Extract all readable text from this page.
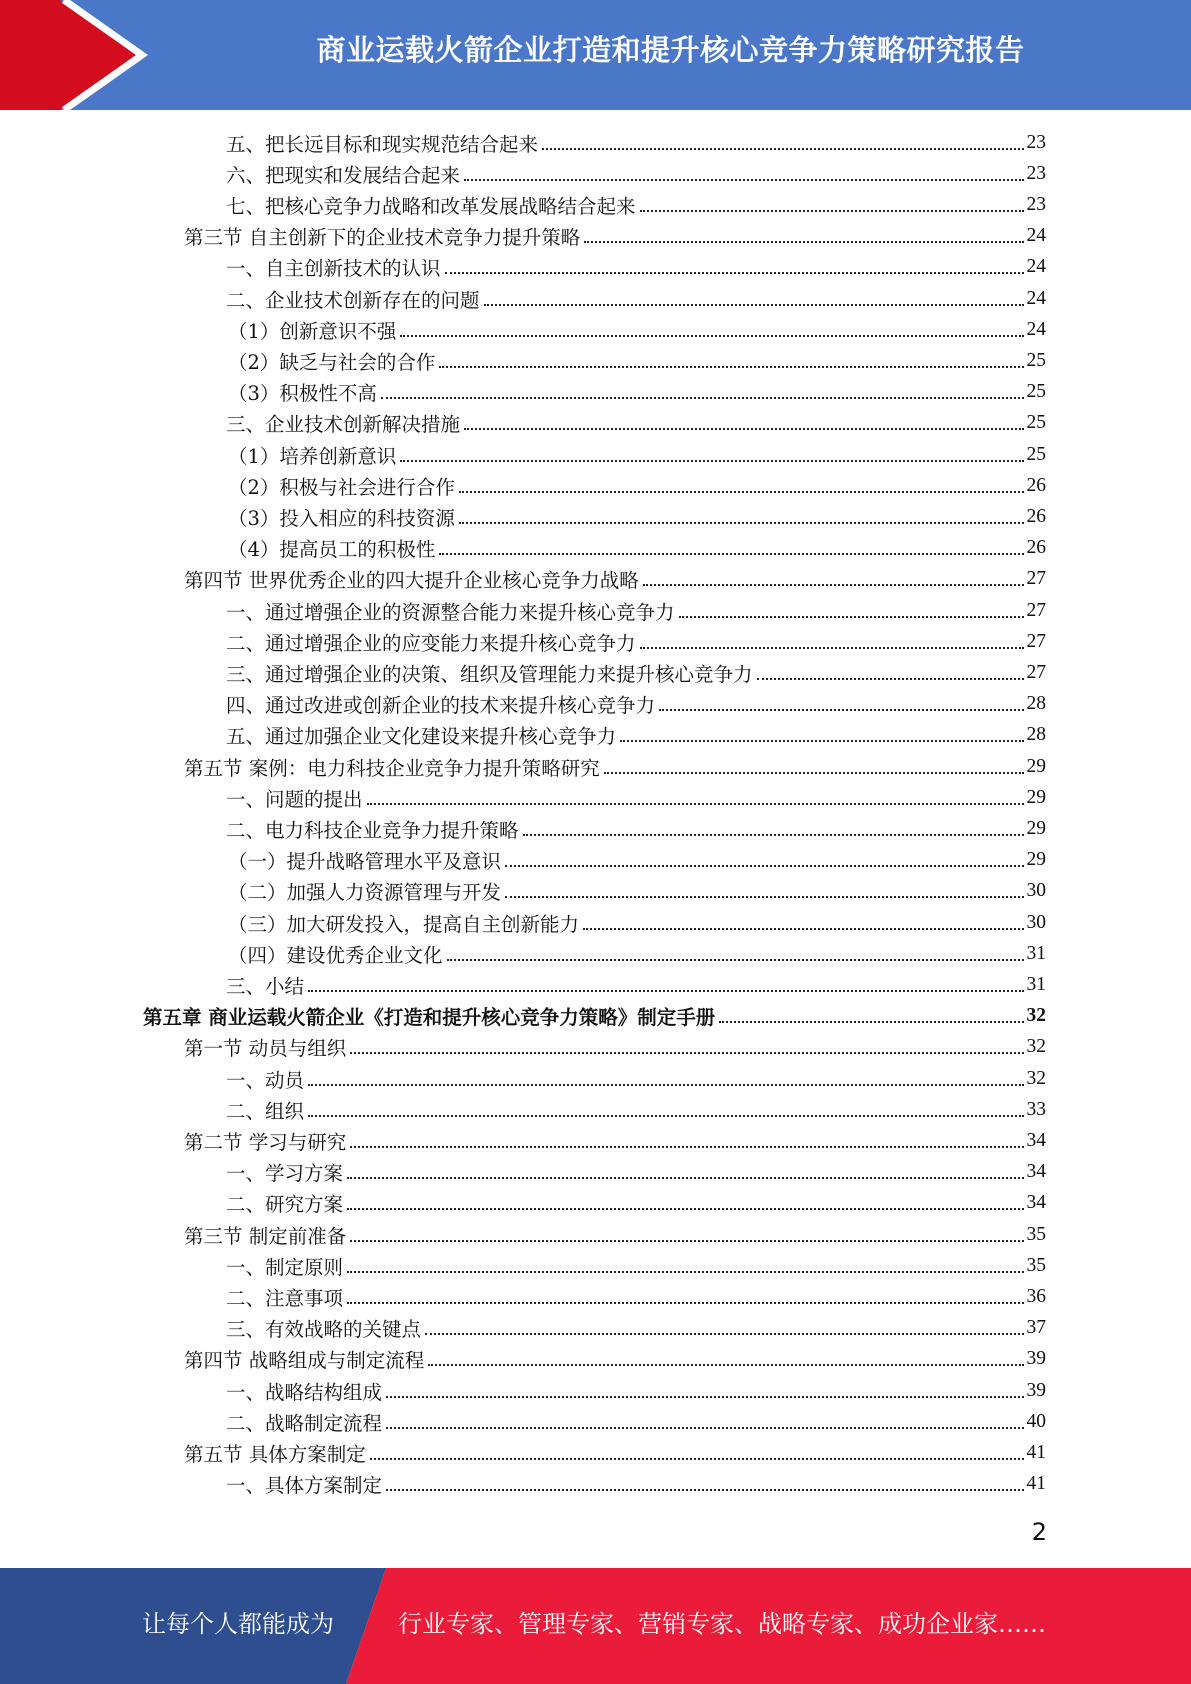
商业运载火箭企业打造和提升核心竞争力策略研究报告
五、把长远目标和现实规范结合起来	23
六、把现实和发展结合起来	23
七、把核心竞争力战略和改革发展战略结合起来	23
第三节 自主创新下的企业技术竞争力提升策略	24
一、自主创新技术的认识	24
二、企业技术创新存在的问题	24
（1）创新意识不强	24
（2）缺乏与社会的合作	25
（3）积极性不高	25
三、企业技术创新解决措施	25
（1）培养创新意识	25
（2）积极与社会进行合作	26
（3）投入相应的科技资源	26
（4）提高员工的积极性	26
第四节 世界优秀企业的四大提升企业核心竞争力战略	27
一、通过增强企业的资源整合能力来提升核心竞争力	27
二、通过增强企业的应变能力来提升核心竞争力	27
三、通过增强企业的决策、组织及管理能力来提升核心竞争力	27
四、通过改进或创新企业的技术来提升核心竞争力	28
五、通过加强企业文化建设来提升核心竞争力	28
第五节 案例：电力科技企业竞争力提升策略研究	29
一、问题的提出	29
二、电力科技企业竞争力提升策略	29
（一）提升战略管理水平及意识	29
（二）加强人力资源管理与开发	30
（三）加大研发投入，提高自主创新能力	30
（四）建设优秀企业文化	31
三、小结	31
第五章 商业运载火箭企业《打造和提升核心竞争力策略》制定手册	32
第一节 动员与组织	32
一、动员	32
二、组织	33
第二节 学习与研究	34
一、学习方案	34
二、研究方案	34
第三节 制定前准备	35
一、制定原则	35
二、注意事项	36
三、有效战略的关键点	37
第四节 战略组成与制定流程	39
一、战略结构组成	39
二、战略制定流程	40
第五节 具体方案制定	41
一、具体方案制定	41
2
让每个人都能成为	行业专家、管理专家、营销专家、战略专家、成功企业家……
